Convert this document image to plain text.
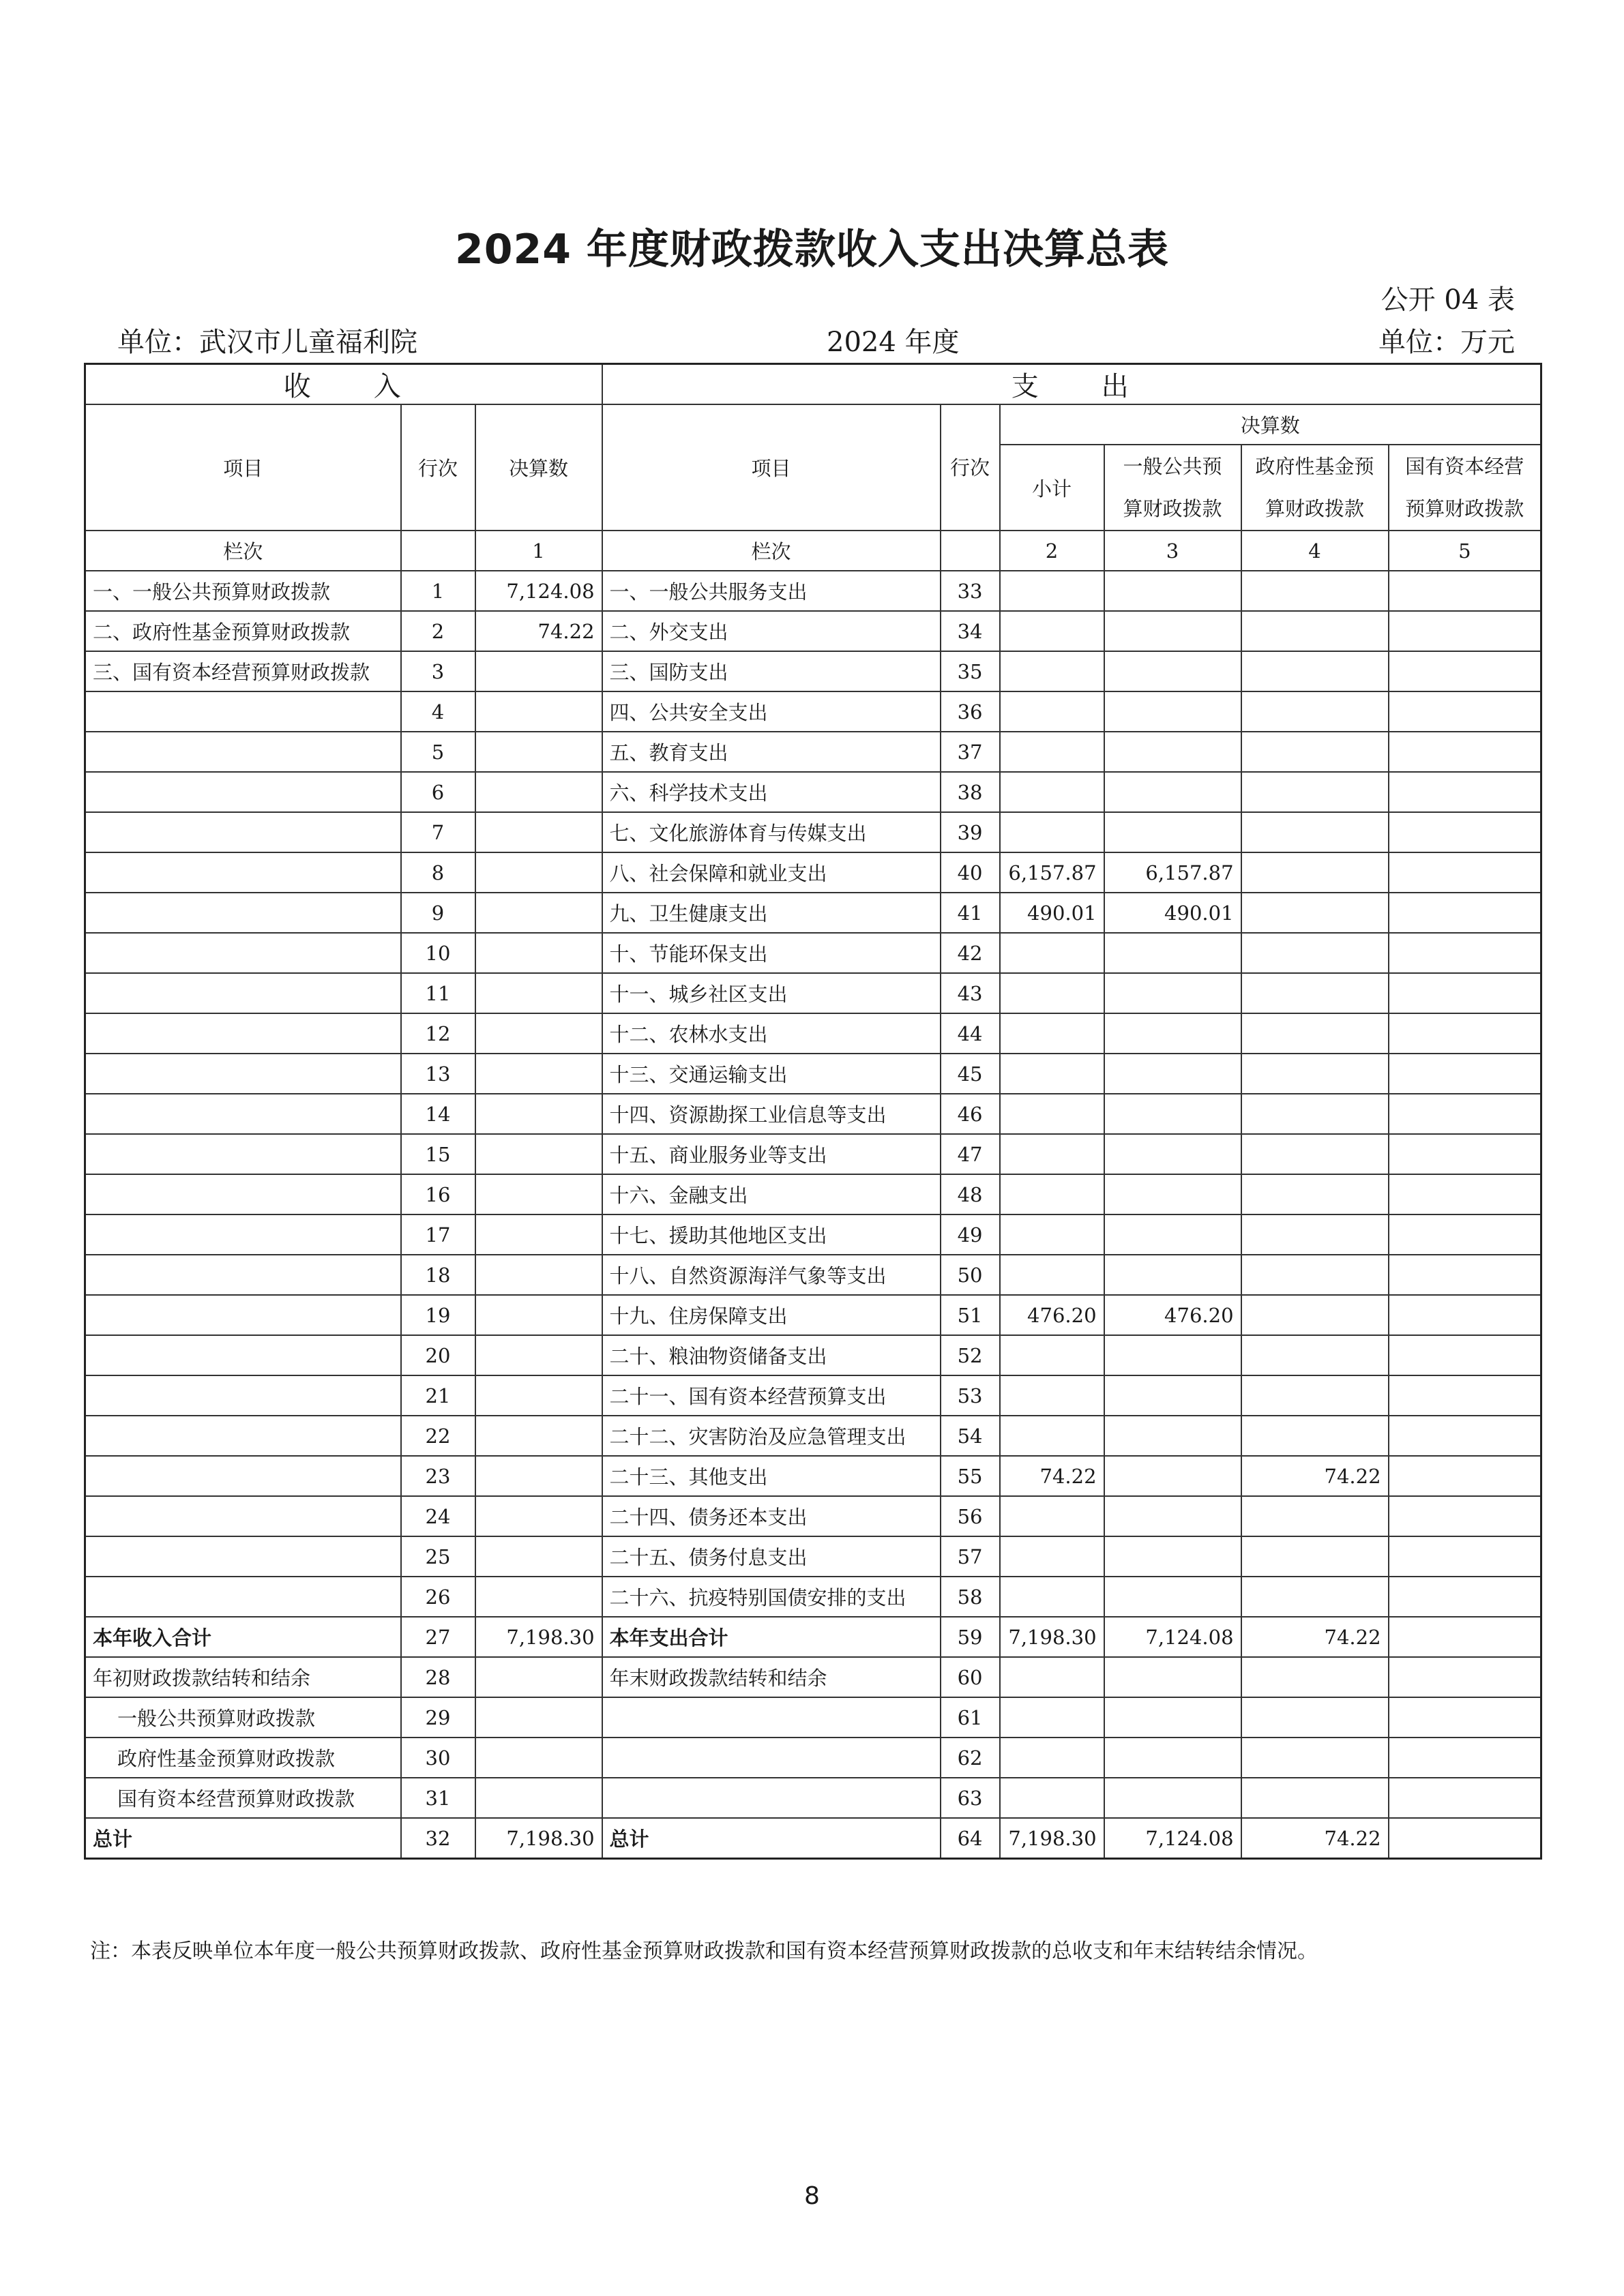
2024 年度财政拨款收入支出决算总表
公开 04 表
单位：武汉市儿童福利院	2024 年度	单位：万元
收　　入			支　　出					
项目	行次	决算数	项目	行次	决算数			
					小计	一般公共预算财政拨款	政府性基金预算财政拨款	国有资本经营预算财政拨款
栏次		1	栏次		2	3	4	5
一、一般公共预算财政拨款	1	7,124.08	一、一般公共服务支出	33				
二、政府性基金预算财政拨款	2	74.22	二、外交支出	34				
三、国有资本经营预算财政拨款	3		三、国防支出	35				
	4		四、公共安全支出	36				
	5		五、教育支出	37				
	6		六、科学技术支出	38				
	7		七、文化旅游体育与传媒支出	39				
	8		八、社会保障和就业支出	40	6,157.87	6,157.87		
	9		九、卫生健康支出	41	490.01	490.01		
	10		十、节能环保支出	42				
	11		十一、城乡社区支出	43				
	12		十二、农林水支出	44				
	13		十三、交通运输支出	45				
	14		十四、资源勘探工业信息等支出	46				
	15		十五、商业服务业等支出	47				
	16		十六、金融支出	48				
	17		十七、援助其他地区支出	49				
	18		十八、自然资源海洋气象等支出	50				
	19		十九、住房保障支出	51	476.20	476.20		
	20		二十、粮油物资储备支出	52				
	21		二十一、国有资本经营预算支出	53				
	22		二十二、灾害防治及应急管理支出	54				
	23		二十三、其他支出	55	74.22		74.22	
	24		二十四、债务还本支出	56				
	25		二十五、债务付息支出	57				
	26		二十六、抗疫特别国债安排的支出	58				
本年收入合计	27	7,198.30	本年支出合计	59	7,198.30	7,124.08	74.22	
年初财政拨款结转和结余	28		年末财政拨款结转和结余	60				
一般公共预算财政拨款	29			61				
政府性基金预算财政拨款	30			62				
国有资本经营预算财政拨款	31			63				
总计	32	7,198.30	总计	64	7,198.30	7,124.08	74.22	
注：本表反映单位本年度一般公共预算财政拨款、政府性基金预算财政拨款和国有资本经营预算财政拨款的总收支和年末结转结余情况。
8
